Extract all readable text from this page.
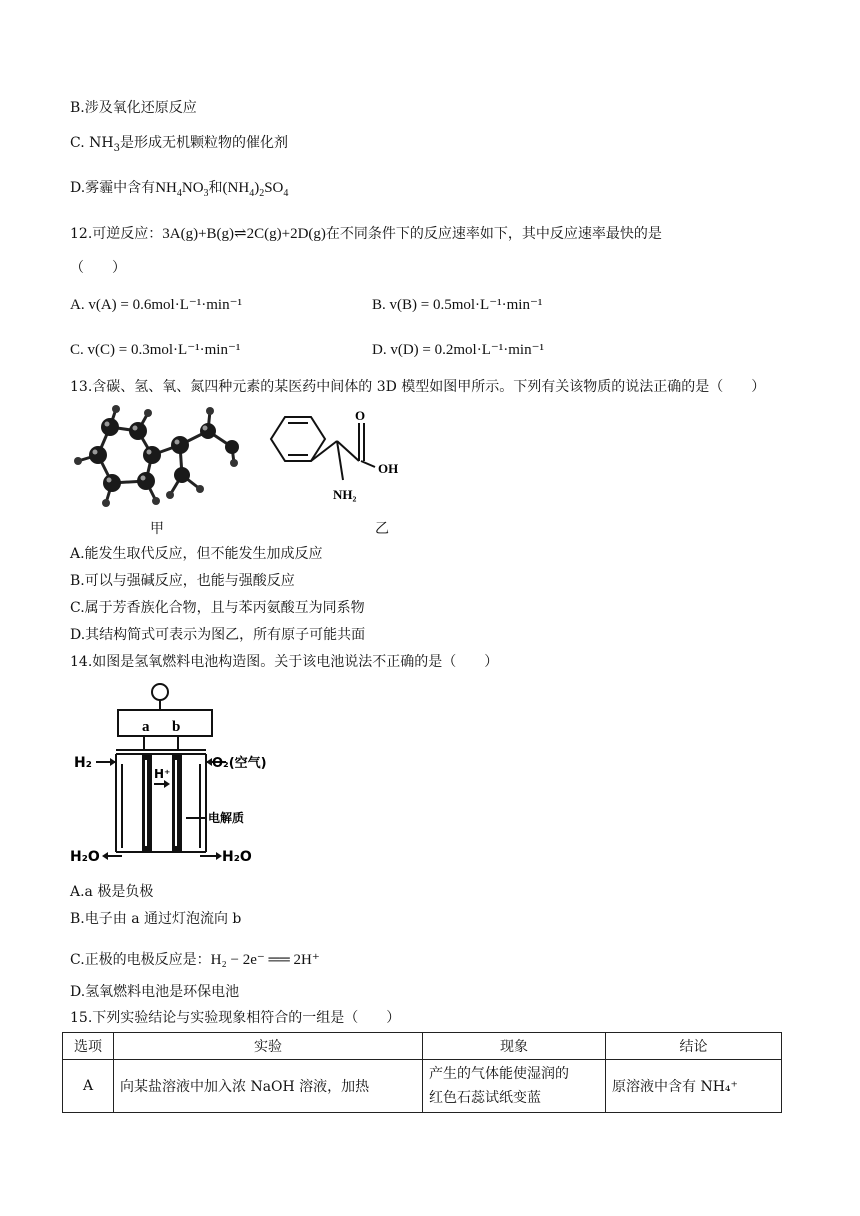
B.涉及氧化还原反应
C. $NH_3$是形成无机颗粒物的催化剂
D.雾霾中含有$NH_4NO_3$和$(NH_4)_2SO_4$
12.可逆反应：3A(g)+B(g)⇌2C(g)+2D(g)在不同条件下的反应速率如下，其中反应速率最快的是
（　　）
A. v(A) = 0.6mol·L⁻¹·min⁻¹	B. v(B) = 0.5mol·L⁻¹·min⁻¹
C. v(C) = 0.3mol·L⁻¹·min⁻¹	D. v(D) = 0.2mol·L⁻¹·min⁻¹
13.含碳、氢、氧、氮四种元素的某医药中间体的 3D 模型如图甲所示。下列有关该物质的说法正确的是（　　）
甲
O
OH
NH₂
乙
A.能发生取代反应，但不能发生加成反应
B.可以与强碱反应，也能与强酸反应
C.属于芳香族化合物，且与苯丙氨酸互为同系物
D.其结构简式可表示为图乙，所有原子可能共面
14.如图是氢氧燃料电池构造图。关于该电池说法不正确的是（　　）
a b
H₂	O₂(空气)
H⁺
电解质
H₂O	H₂O
A.a 极是负极
B.电子由 a 通过灯泡流向 b
C.正极的电极反应是：H₂ − 2e⁻ ══ 2H⁺
D.氢氧燃料电池是环保电池
15.下列实验结论与实验现象相符合的一组是（　　）
选项	实验	现象	结论
A	向某盐溶液中加入浓 NaOH 溶液，加热	产生的气体能使湿润的
红色石蕊试纸变蓝	原溶液中含有 NH₄⁺
